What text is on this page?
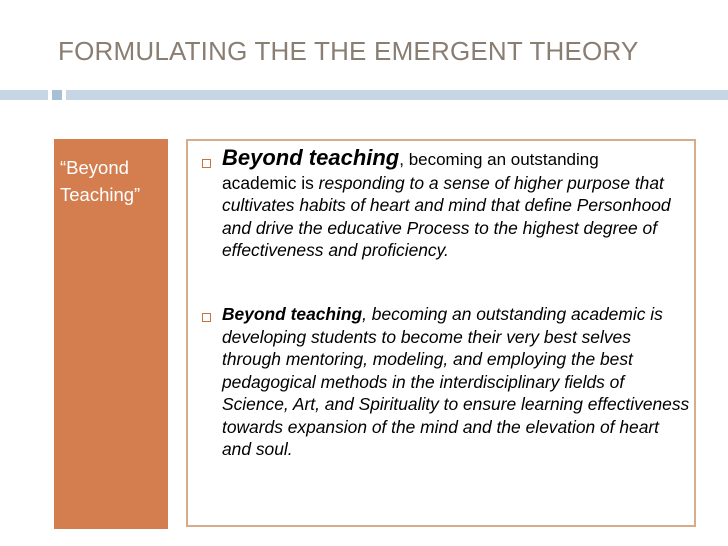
FORMULATING THE THE EMERGENT THEORY
“Beyond
Teaching”
Beyond teaching, becoming an outstanding
academic is responding to a sense of higher purpose that cultivates habits of heart and mind that define Personhood and drive the educative Process to the highest degree of effectiveness and proficiency.
Beyond teaching, becoming an outstanding academic is developing students to become their very best selves through mentoring, modeling, and employing the best pedagogical methods in the interdisciplinary fields of Science, Art, and Spirituality to ensure learning effectiveness towards expansion of the mind and the elevation of heart and soul.
